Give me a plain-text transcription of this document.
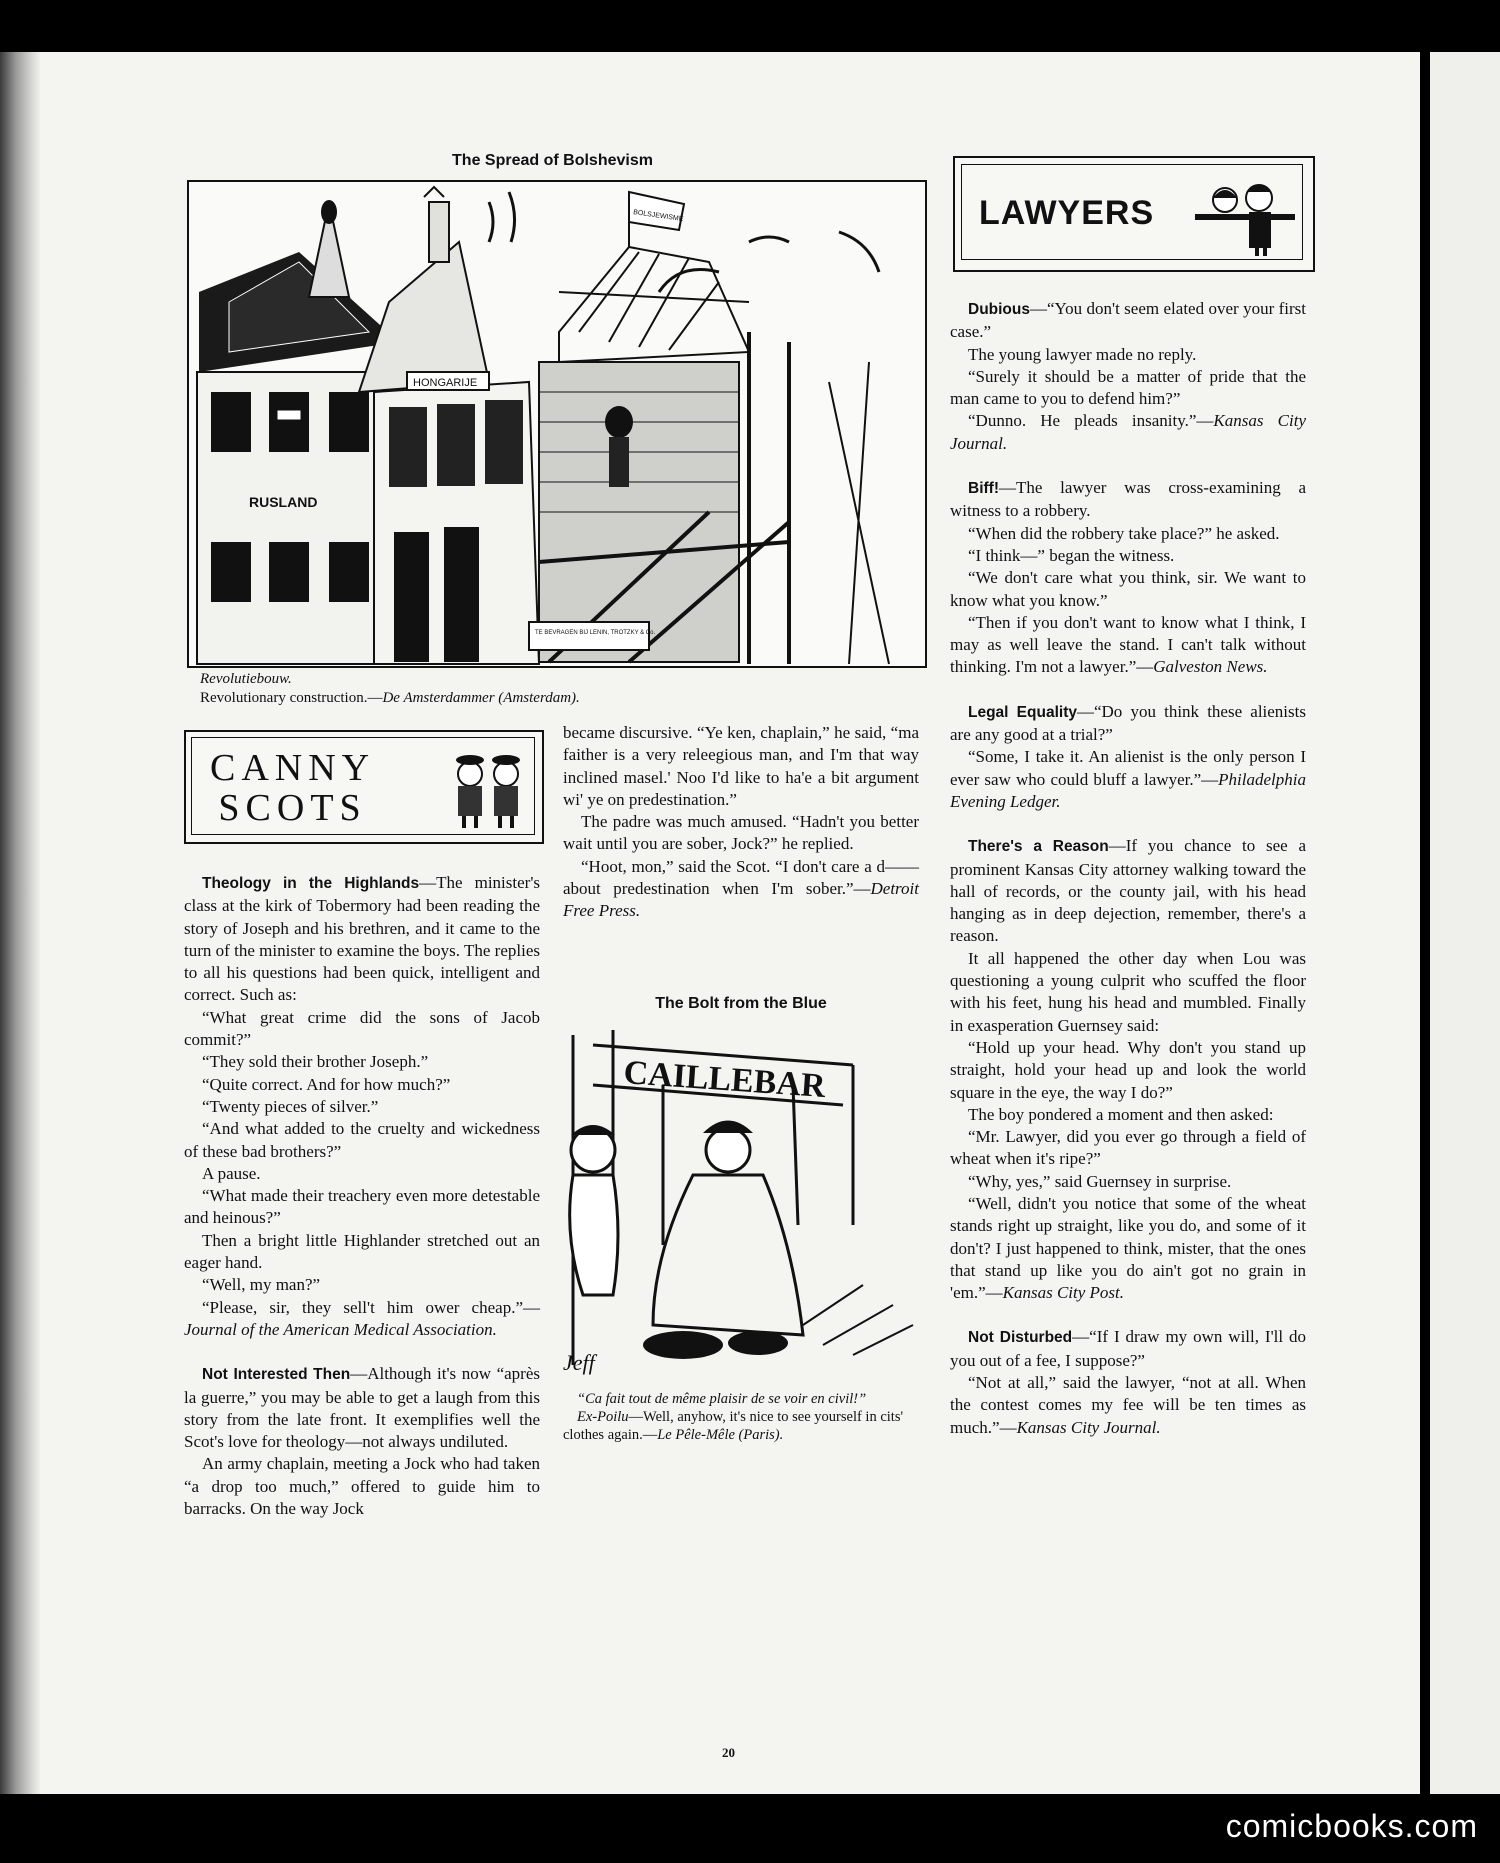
The Spread of Bolshevism
RUSLAND
HONGARIJE
BOLSJEWISME
TE BEVRAGEN BIJ LENIN, TROTZKY & Co.
Revolutiebouw.
Revolutionary construction.—De Amsterdammer (Amsterdam).
LAWYERS
CANNY
SCOTS

Theology in the Highlands—The minister's class at the kirk of Tobermory had been reading the story of Joseph and his brethren, and it came to the turn of the minister to examine the boys. The replies to all his questions had been quick, intelligent and correct. Such as:

“What great crime did the sons of Jacob commit?”

“They sold their brother Joseph.”

“Quite correct. And for how much?”

“Twenty pieces of silver.”

“And what added to the cruelty and wickedness of these bad brothers?”

A pause.

“What made their treachery even more detestable and heinous?”

Then a bright little Highlander stretched out an eager hand.

“Well, my man?”

“Please, sir, they sell't him ower cheap.”—Journal of the American Medical Association.

Not Interested Then—Although it's now “après la guerre,” you may be able to get a laugh from this story from the late front. It exemplifies well the Scot's love for theology—not always undiluted.

An army chaplain, meeting a Jock who had taken “a drop too much,” offered to guide him to barracks. On the way Jock

became discursive. “Ye ken, chaplain,” he said, “ma faither is a very releegious man, and I'm that way inclined masel.' Noo I'd like to ha'e a bit argument wi' ye on predestination.”

The padre was much amused. “Hadn't you better wait until you are sober, Jock?” he replied.

“Hoot, mon,” said the Scot. “I don't care a d—— about predestination when I'm sober.”—Detroit Free Press.

The Bolt from the Blue
CAILLEBAR
Jeff
“Ca fait tout de même plaisir de se voir en civil!”
Ex-Poilu—Well, anyhow, it's nice to see yourself in cits' clothes again.—Le Pêle-Mêle (Paris).

Dubious—“You don't seem elated over your first case.”

The young lawyer made no reply.

“Surely it should be a matter of pride that the man came to you to defend him?”

“Dunno. He pleads insanity.”—Kansas City Journal.

Biff!—The lawyer was cross-examining a witness to a robbery.

“When did the robbery take place?” he asked.

“I think—” began the witness.

“We don't care what you think, sir. We want to know what you know.”

“Then if you don't want to know what I think, I may as well leave the stand. I can't talk without thinking. I'm not a lawyer.”—Galveston News.

Legal Equality—“Do you think these alienists are any good at a trial?”

“Some, I take it. An alienist is the only person I ever saw who could bluff a lawyer.”—Philadelphia Evening Ledger.

There's a Reason—If you chance to see a prominent Kansas City attorney walking toward the hall of records, or the county jail, with his head hanging as in deep dejection, remember, there's a reason.

It all happened the other day when Lou was questioning a young culprit who scuffed the floor with his feet, hung his head and mumbled. Finally in exasperation Guernsey said:

“Hold up your head. Why don't you stand up straight, hold your head up and look the world square in the eye, the way I do?”

The boy pondered a moment and then asked:

“Mr. Lawyer, did you ever go through a field of wheat when it's ripe?”

“Why, yes,” said Guernsey in surprise.

“Well, didn't you notice that some of the wheat stands right up straight, like you do, and some of it don't? I just happened to think, mister, that the ones that stand up like you do ain't got no grain in 'em.”—Kansas City Post.

Not Disturbed—“If I draw my own will, I'll do you out of a fee, I suppose?”

“Not at all,” said the lawyer, “not at all. When the contest comes my fee will be ten times as much.”—Kansas City Journal.

20
comicbooks.com
